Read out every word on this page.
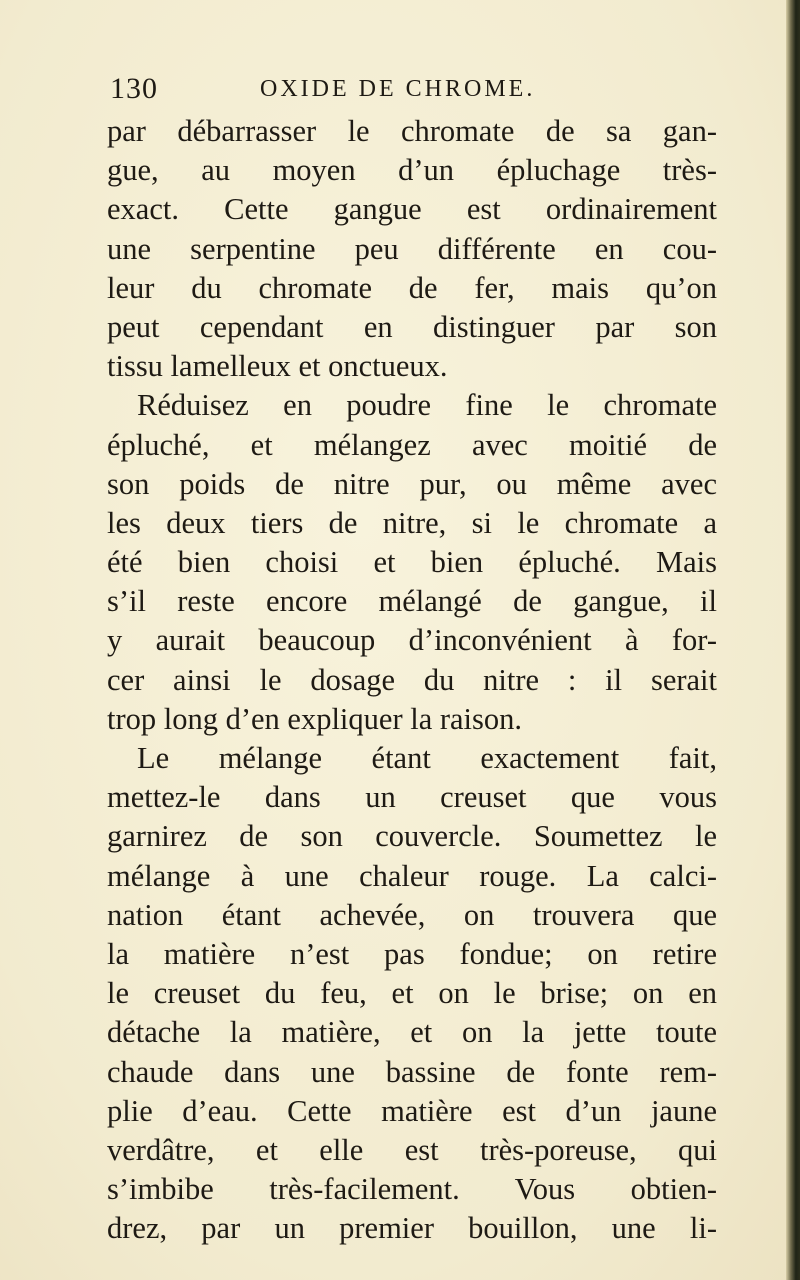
130	OXIDE DE CHROME.
par débarrasser le chromate de sa gan-
gue, au moyen d’un épluchage très-
exact. Cette gangue est ordinairement
une serpentine peu différente en cou-
leur du chromate de fer, mais qu’on
peut cependant en distinguer par son
tissu lamelleux et onctueux.
Réduisez en poudre fine le chromate
épluché, et mélangez avec moitié de
son poids de nitre pur, ou même avec
les deux tiers de nitre, si le chromate a
été bien choisi et bien épluché. Mais
s’il reste encore mélangé de gangue, il
y aurait beaucoup d’inconvénient à for-
cer ainsi le dosage du nitre : il serait
trop long d’en expliquer la raison.
Le mélange étant exactement fait,
mettez-le dans un creuset que vous
garnirez de son couvercle. Soumettez le
mélange à une chaleur rouge. La calci-
nation étant achevée, on trouvera que
la matière n’est pas fondue; on retire
le creuset du feu, et on le brise; on en
détache la matière, et on la jette toute
chaude dans une bassine de fonte rem-
plie d’eau. Cette matière est d’un jaune
verdâtre, et elle est très-poreuse, qui
s’imbibe très-facilement. Vous obtien-
drez, par un premier bouillon, une li-
